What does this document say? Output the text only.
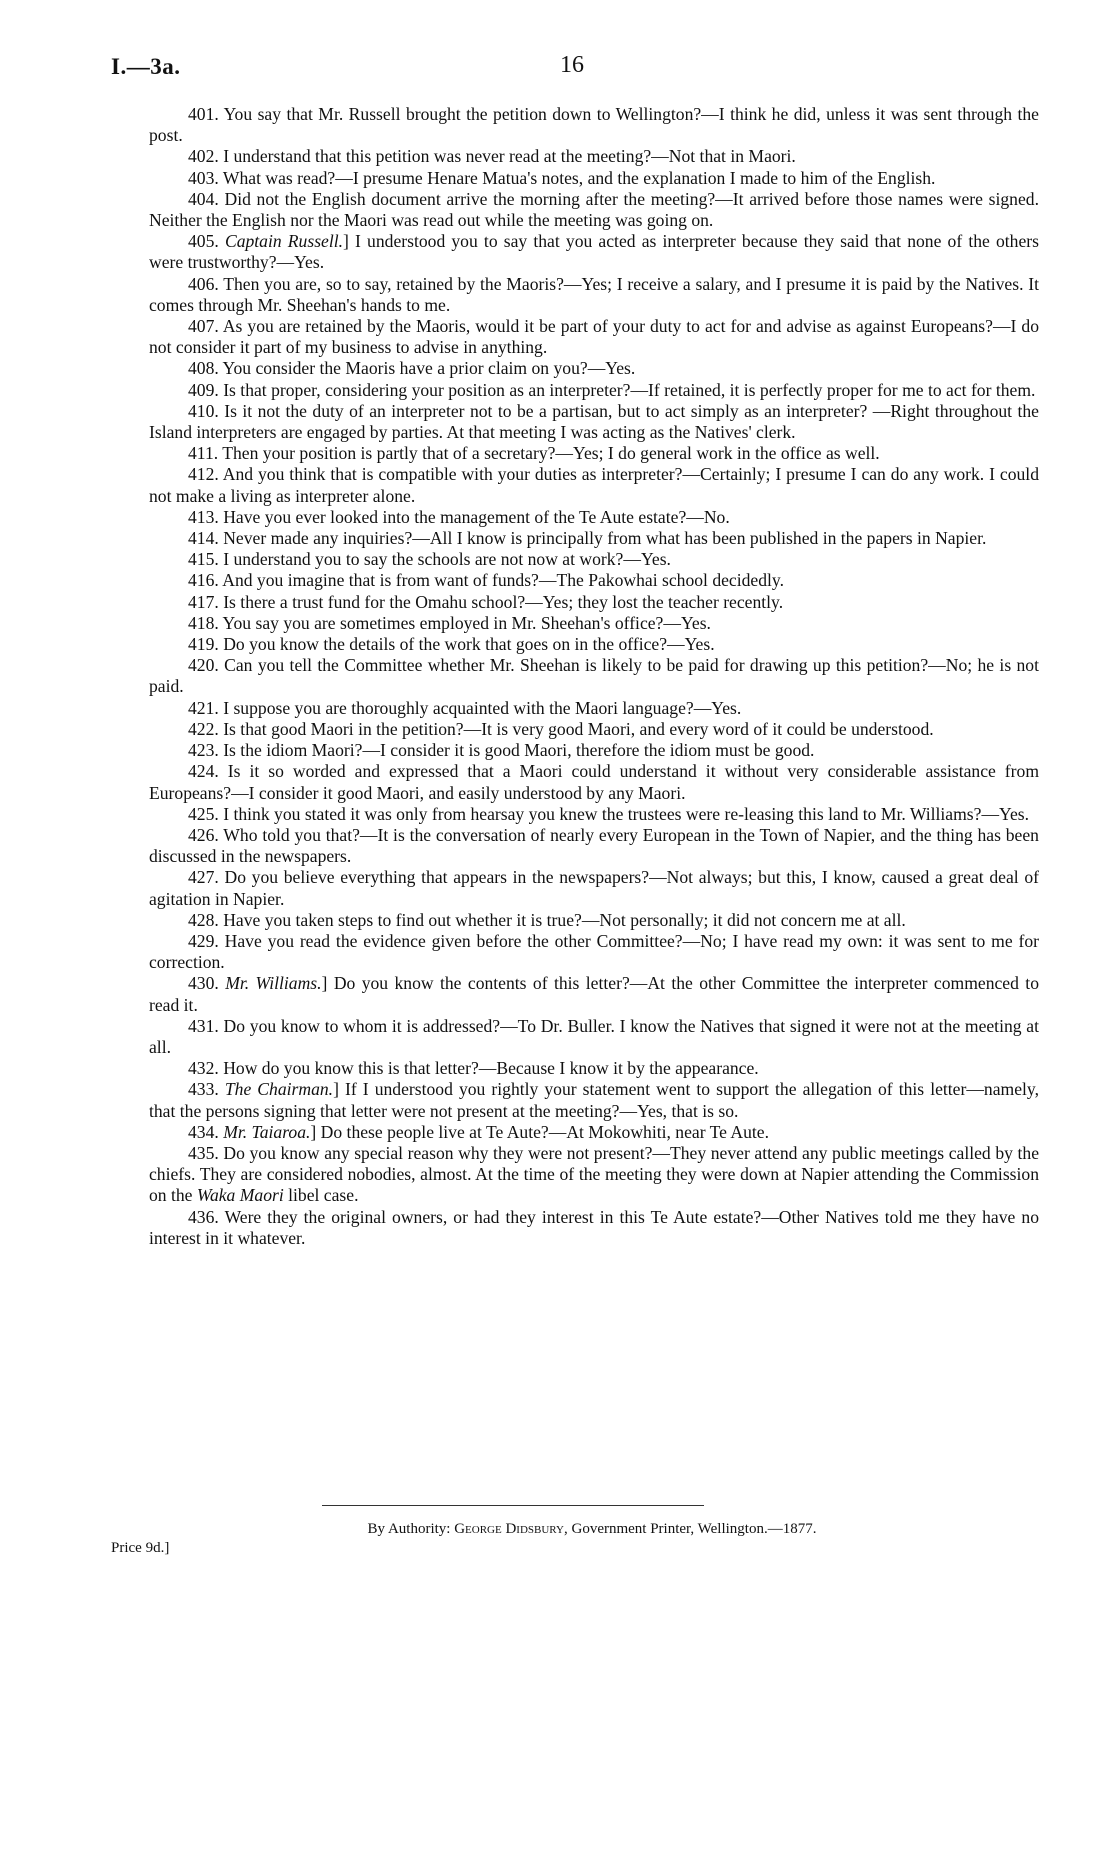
I.—3a.	16

401. You say that Mr. Russell brought the petition down to Wellington?—I think he did, unless it was sent through the post.

402. I understand that this petition was never read at the meeting?—Not that in Maori.

403. What was read?—I presume Henare Matua's notes, and the explanation I made to him of the English.

404. Did not the English document arrive the morning after the meeting?—It arrived before those names were signed. Neither the English nor the Maori was read out while the meeting was going on.

405. Captain Russell.] I understood you to say that you acted as interpreter because they said that none of the others were trustworthy?—Yes.

406. Then you are, so to say, retained by the Maoris?—Yes; I receive a salary, and I presume it is paid by the Natives. It comes through Mr. Sheehan's hands to me.

407. As you are retained by the Maoris, would it be part of your duty to act for and advise as against Europeans?—I do not consider it part of my business to advise in anything.

408. You consider the Maoris have a prior claim on you?—Yes.

409. Is that proper, considering your position as an interpreter?—If retained, it is perfectly proper for me to act for them.

410. Is it not the duty of an interpreter not to be a partisan, but to act simply as an interpreter? —Right throughout the Island interpreters are engaged by parties. At that meeting I was acting as the Natives' clerk.

411. Then your position is partly that of a secretary?—Yes; I do general work in the office as well.

412. And you think that is compatible with your duties as interpreter?—Certainly; I presume I can do any work. I could not make a living as interpreter alone.

413. Have you ever looked into the management of the Te Aute estate?—No.

414. Never made any inquiries?—All I know is principally from what has been published in the papers in Napier.

415. I understand you to say the schools are not now at work?—Yes.

416. And you imagine that is from want of funds?—The Pakowhai school decidedly.

417. Is there a trust fund for the Omahu school?—Yes; they lost the teacher recently.

418. You say you are sometimes employed in Mr. Sheehan's office?—Yes.

419. Do you know the details of the work that goes on in the office?—Yes.

420. Can you tell the Committee whether Mr. Sheehan is likely to be paid for drawing up this petition?—No; he is not paid.

421. I suppose you are thoroughly acquainted with the Maori language?—Yes.

422. Is that good Maori in the petition?—It is very good Maori, and every word of it could be understood.

423. Is the idiom Maori?—I consider it is good Maori, therefore the idiom must be good.

424. Is it so worded and expressed that a Maori could understand it without very considerable assistance from Europeans?—I consider it good Maori, and easily understood by any Maori.

425. I think you stated it was only from hearsay you knew the trustees were re-leasing this land to Mr. Williams?—Yes.

426. Who told you that?—It is the conversation of nearly every European in the Town of Napier, and the thing has been discussed in the newspapers.

427. Do you believe everything that appears in the newspapers?—Not always; but this, I know, caused a great deal of agitation in Napier.

428. Have you taken steps to find out whether it is true?—Not personally; it did not concern me at all.

429. Have you read the evidence given before the other Committee?—No; I have read my own: it was sent to me for correction.

430. Mr. Williams.] Do you know the contents of this letter?—At the other Committee the interpreter commenced to read it.

431. Do you know to whom it is addressed?—To Dr. Buller. I know the Natives that signed it were not at the meeting at all.

432. How do you know this is that letter?—Because I know it by the appearance.

433. The Chairman.] If I understood you rightly your statement went to support the allegation of this letter—namely, that the persons signing that letter were not present at the meeting?—Yes, that is so.

434. Mr. Taiaroa.] Do these people live at Te Aute?—At Mokowhiti, near Te Aute.

435. Do you know any special reason why they were not present?—They never attend any public meetings called by the chiefs. They are considered nobodies, almost. At the time of the meeting they were down at Napier attending the Commission on the Waka Maori libel case.

436. Were they the original owners, or had they interest in this Te Aute estate?—Other Natives told me they have no interest in it whatever.

By Authority: George Didsbury, Government Printer, Wellington.—1877.
Price 9d.]
